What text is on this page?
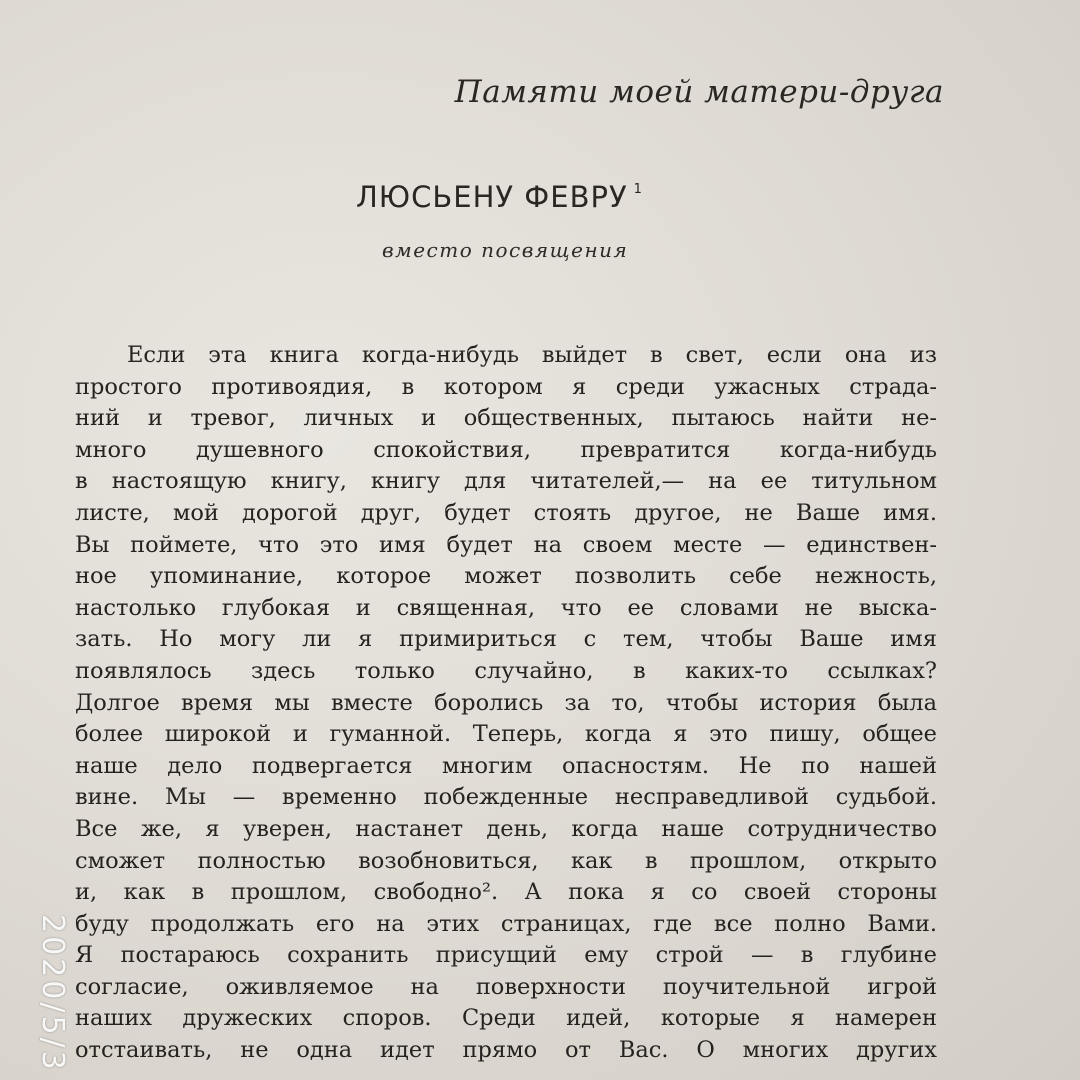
Памяти моей матери-друга
ЛЮСЬЕНУ ФЕВРУ $^1$
вместо посвящения
Если эта книга когда-нибудь выйдет в свет, если она из
простого противоядия, в котором я среди ужасных страда-
ний и тревог, личных и общественных, пытаюсь найти не-
много душевного спокойствия, превратится когда-нибудь
в настоящую книгу, книгу для читателей,— на ее титульном
листе, мой дорогой друг, будет стоять другое, не Ваше имя.
Вы поймете, что это имя будет на своем месте — единствен-
ное упоминание, которое может позволить себе нежность,
настолько глубокая и священная, что ее словами не выска-
зать. Но могу ли я примириться с тем, чтобы Ваше имя
появлялось здесь только случайно, в каких-то ссылках?
Долгое время мы вместе боролись за то, чтобы история была
более широкой и гуманной. Теперь, когда я это пишу, общее
наше дело подвергается многим опасностям. Не по нашей
вине. Мы — временно побежденные несправедливой судьбой.
Все же, я уверен, настанет день, когда наше сотрудничество
сможет полностью возобновиться, как в прошлом, открыто
и, как в прошлом, свободно². А пока я со своей стороны
буду продолжать его на этих страницах, где все полно Вами.
Я постараюсь сохранить присущий ему строй — в глубине
согласие, оживляемое на поверхности поучительной игрой
наших дружеских споров. Среди идей, которые я намерен
отстаивать, не одна идет прямо от Вас. О многих других
2020/5/3
